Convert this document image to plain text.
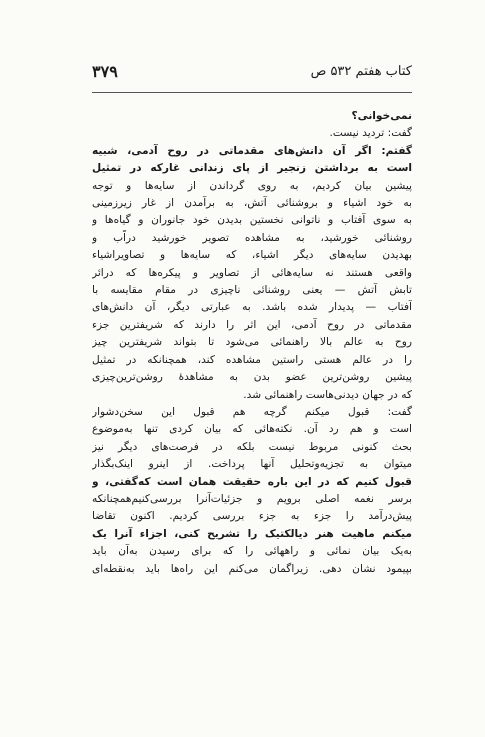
کتاب هفتم ۵۳۲ ص
۳۷۹
نمی‌خوانی؟
گفت: تردید نیست.
گفتم: اگر آن دانش‌های مقدماتی در روح آدمی، شبیه
است به برداشتن زنجیر از پای زندانی غارکه در تمثیل
پیشین بیان کردیم، به روی گرداندن از سایه‌ها و توجه
به خود اشیاء و بروشنائی آتش، به برآمدن از غار زیرزمینی
به سوی آفتاب و ناتوانی نخستین بدیدن خود جانوران و گیاه‌ها و
روشنائی خورشید، به مشاهده تصویر خورشید دراّب و
بهدیدن سایه‌های دیگر اشیاء، که سایه‌ها و تصاویراشیاء
واقعی هستند نه سایه‌هائی از تصاویر و پیکره‌ها که درائر
تابش آتش — یعنی روشنائی ناچیزی در مقام مقایسه با
آفتاب — پدیدار شده باشد. به عبارتی دیگر، آن دانش‌های
مقدماتی در روح آدمی، این اثر را دارند که شریفترین جزء
روح به عالم بالا راهنمائی می‌شود تا بتواند شریفترین چیز
را در عالم هستی راستین مشاهده کند، همچنانکه در تمثیل
پیشین روشن‌ترین عضو بدن به مشاهدهٔ روشن‌ترین‌چیزی
که در جهان دیدنی‌هاست راهنمائی شد.
گفت: قبول میکنم گرچه هم قبول این سخن‌دشوار
است و هم رد آن. نکته‌هائی که بیان کردی تنها به‌موضوع
بحث کنونی مربوط نیست بلکه در فرصت‌های دیگر نیز
میتوان به تجزیه‌وتحلیل آنها پرداخت. از اینرو اینک‌بگذار
قبول کنیم که در این باره حقیقت همان است که‌گفتی، و
برسر نغمه اصلی برویم و جزئیات‌آنرا بررسی‌کنیم‌همچنانکه
پیش‌درآمد را جزء به جزء بررسی کردیم. اکنون تقاضا
میکنم ماهیت هنر دیالکتیک را تشریح کنی، اجزاء آنرا یک
به‌یک بیان نمائی و راههائی را که برای رسیدن به‌آن باید
بپیمود نشان دهی. زیراگمان می‌کنم این راه‌ها باید به‌نقطه‌ای
